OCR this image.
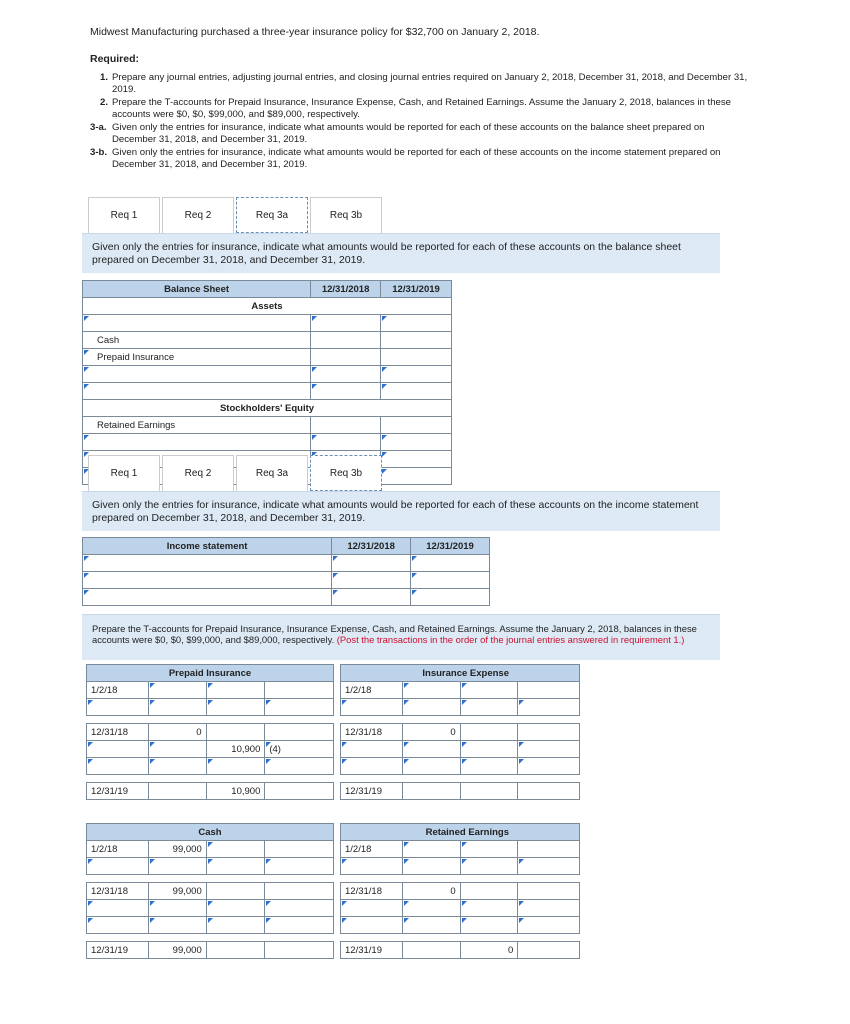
Midwest Manufacturing purchased a three-year insurance policy for $32,700 on January 2, 2018.
Required:
1. Prepare any journal entries, adjusting journal entries, and closing journal entries required on January 2, 2018, December 31, 2018, and December 31, 2019.
2. Prepare the T-accounts for Prepaid Insurance, Insurance Expense, Cash, and Retained Earnings. Assume the January 2, 2018, balances in these accounts were $0, $0, $99,000, and $89,000, respectively.
3-a. Given only the entries for insurance, indicate what amounts would be reported for each of these accounts on the balance sheet prepared on December 31, 2018, and December 31, 2019.
3-b. Given only the entries for insurance, indicate what amounts would be reported for each of these accounts on the income statement prepared on December 31, 2018, and December 31, 2019.
Req 1	Req 2	Req 3a	Req 3b
Given only the entries for insurance, indicate what amounts would be reported for each of these accounts on the balance sheet prepared on December 31, 2018, and December 31, 2019.
Balance Sheet	12/31/2018	12/31/2019
Assets		

Cash		
Prepaid Insurance		

Stockholders' Equity		
Retained Earnings		

Req 1	Req 2	Req 3a	Req 3b
Given only the entries for insurance, indicate what amounts would be reported for each of these accounts on the income statement prepared on December 31, 2018, and December 31, 2019.
Income statement	12/31/2018	12/31/2019

Prepare the T-accounts for Prepaid Insurance, Insurance Expense, Cash, and Retained Earnings. Assume the January 2, 2018, balances in these accounts were $0, $0, $99,000, and $89,000, respectively. (Post the transactions in the order of the journal entries answered in requirement 1.)
Prepaid Insurance			
1/2/18			

12/31/18	0		
		10,900	(4)

12/31/19		10,900	
Insurance Expense			
1/2/18			

12/31/18	0		

12/31/19			
Cash			
1/2/18	99,000		

12/31/18	99,000		

12/31/19	99,000		
Retained Earnings			
1/2/18			

12/31/18	0		

12/31/19		0	
